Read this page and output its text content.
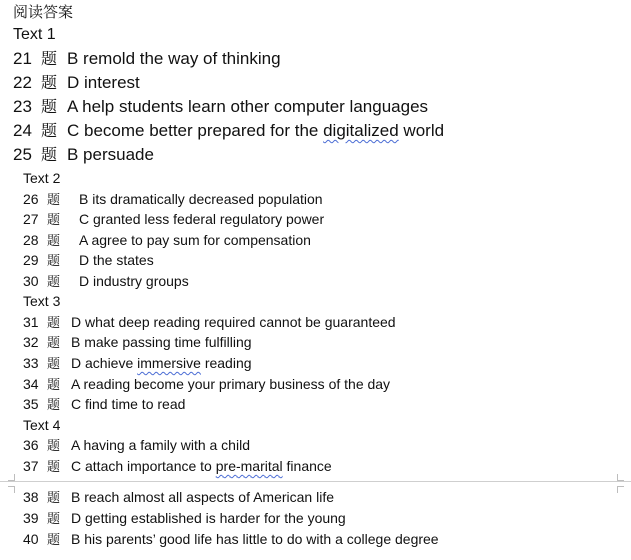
阅读答案
Text 1
21 题 B remold the way of thinking
22 题 D interest
23 题 A help students learn other computer languages
24 题 C become better prepared for the digitalized world
25 题 B persuade
Text 2
26 题 B its dramatically decreased population
27 题 C granted less federal regulatory power
28 题 A agree to pay sum for compensation
29 题 D the states
30 题 D industry groups
Text 3
31 题 D what deep reading required cannot be guaranteed
32 题 B make passing time fulfilling
33 题 D achieve immersive reading
34 题 A reading become your primary business of the day
35 题 C find time to read
Text 4
36 题 A having a family with a child
37 题 C attach importance to pre-marital finance
38 题 B reach almost all aspects of American life
39 题 D getting established is harder for the young
40 题 B his parents’ good life has little to do with a college degree
